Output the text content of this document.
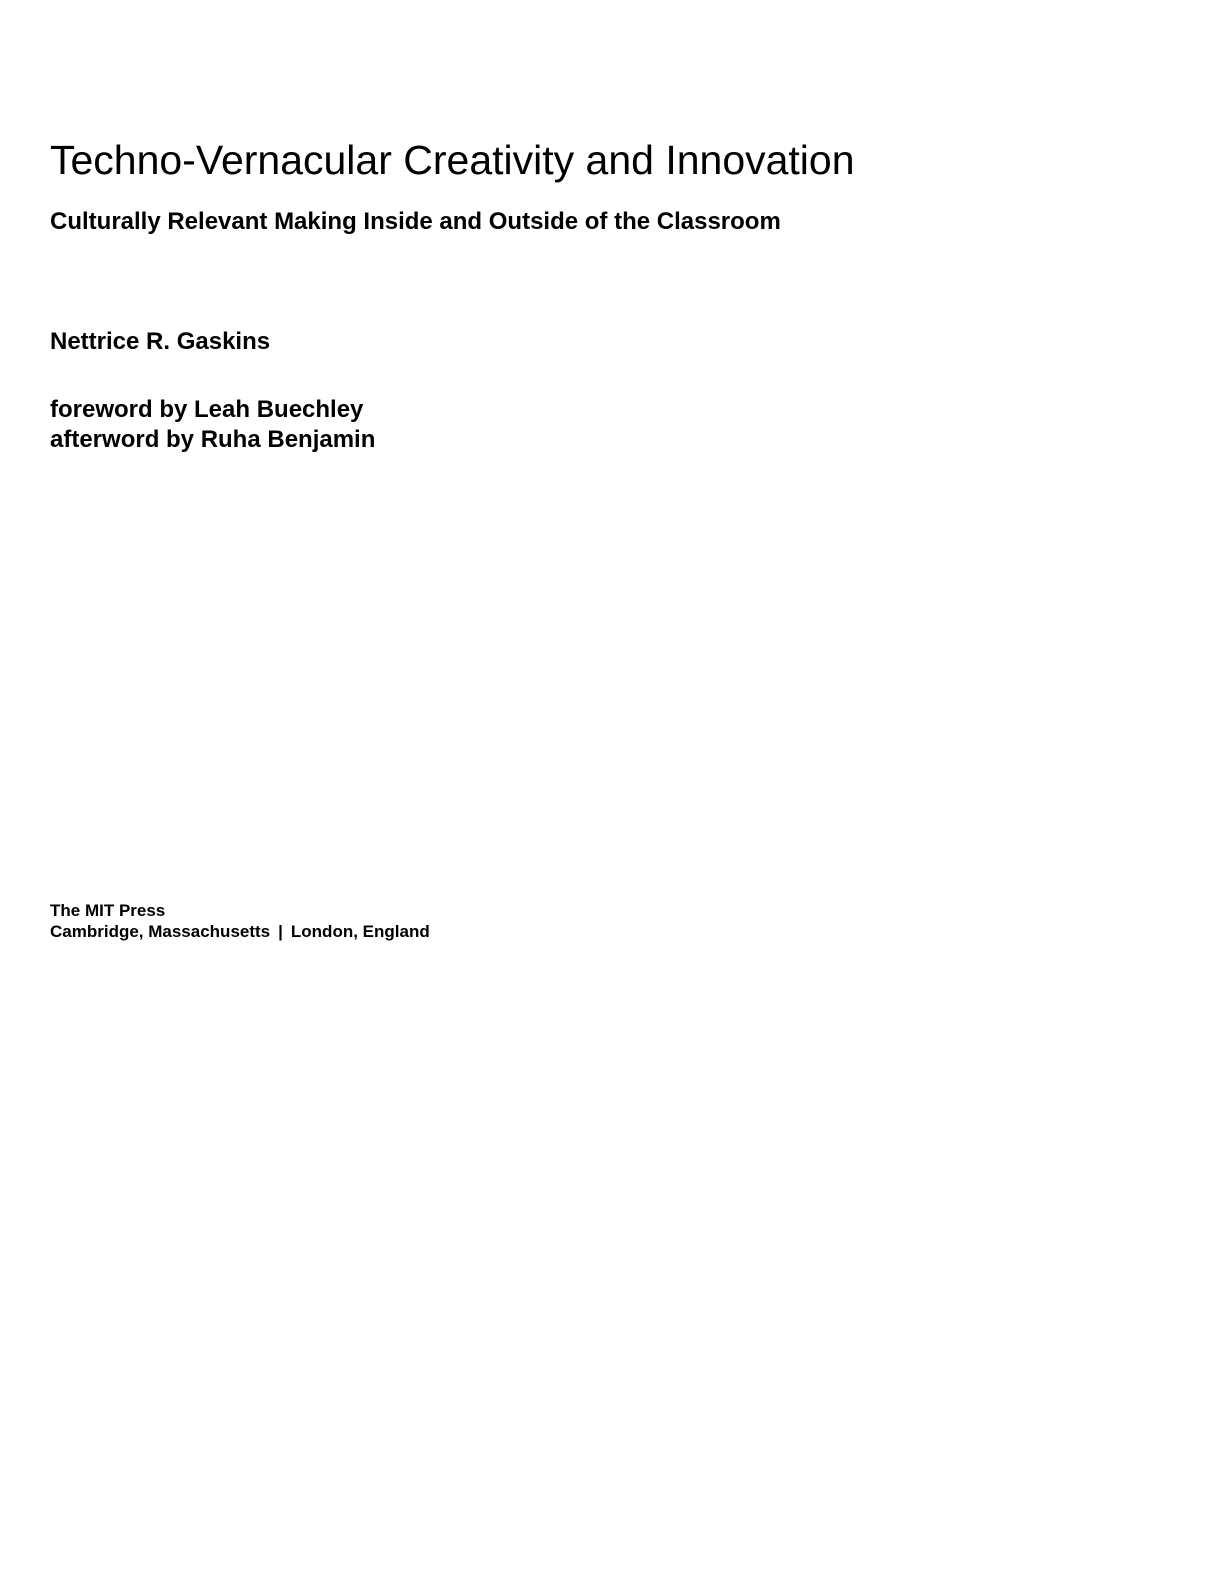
Techno-Vernacular Creativity and Innovation
Culturally Relevant Making Inside and Outside of the Classroom

Nettrice R. Gaskins

foreword by Leah Buechley
afterword by Ruha Benjamin
The MIT Press
Cambridge, Massachusetts | London, England
